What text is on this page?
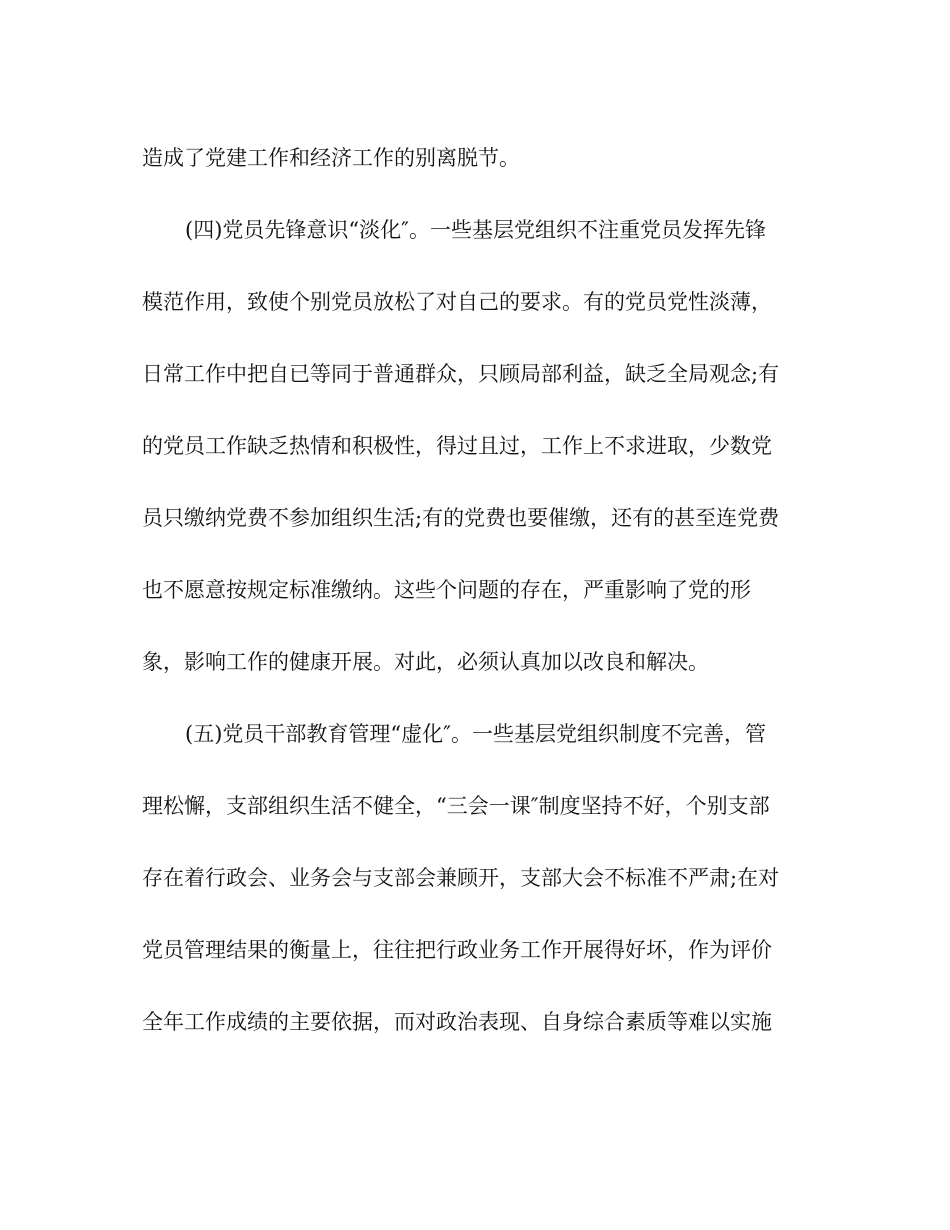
造成了党建工作和经济工作的别离脱节。
(四)党员先锋意识“淡化″。一些基层党组织不注重党员发挥先锋
模范作用，致使个别党员放松了对自己的要求。有的党员党性淡薄，
日常工作中把自已等同于普通群众，只顾局部利益，缺乏全局观念;有
的党员工作缺乏热情和积极性，得过且过，工作上不求进取，少数党
员只缴纳党费不参加组织生活;有的党费也要催缴，还有的甚至连党费
也不愿意按规定标准缴纳。这些个问题的存在，严重影响了党的形
象，影响工作的健康开展。对此，必须认真加以改良和解决。
(五)党员干部教育管理“虚化″。一些基层党组织制度不完善，管
理松懈，支部组织生活不健全，“三会一课″制度坚持不好，个别支部
存在着行政会、业务会与支部会兼顾开，支部大会不标准不严肃;在对
党员管理结果的衡量上，往往把行政业务工作开展得好坏，作为评价
全年工作成绩的主要依据，而对政治表现、自身综合素质等难以实施
